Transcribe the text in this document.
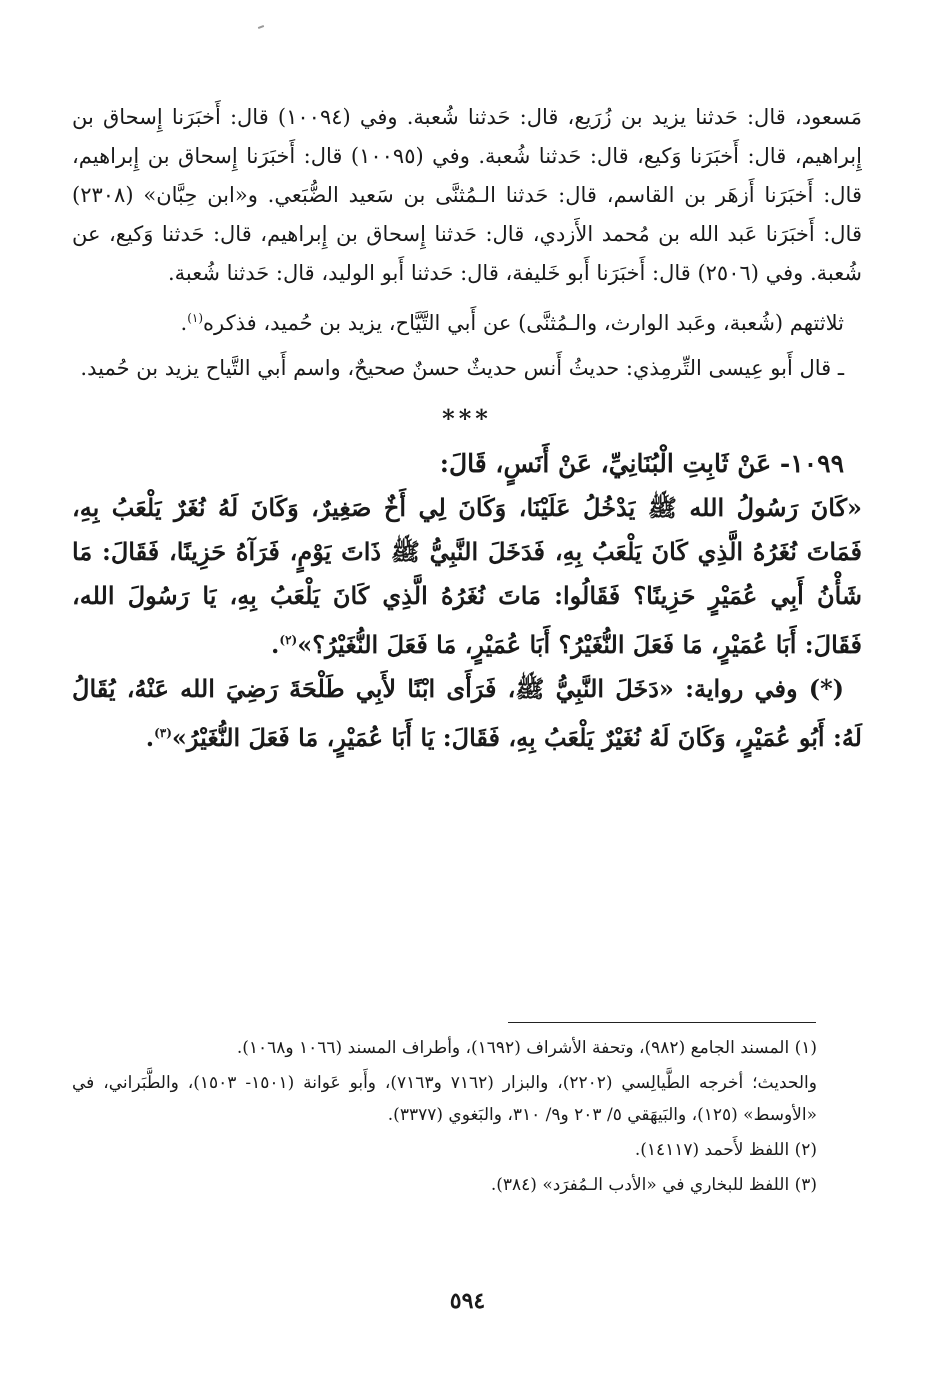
مَسعود، قال: حَدثنا يزيد بن زُرَيع، قال: حَدثنا شُعبة. وفي (١٠٠٩٤) قال: أَخبَرَنا إِسحاق بن إِبراهيم، قال: أَخبَرَنا وَكيع، قال: حَدثنا شُعبة. وفي (١٠٠٩٥) قال: أَخبَرَنا إِسحاق بن إِبراهيم، قال: أَخبَرَنا أَزهَر بن القاسم، قال: حَدثنا الـمُثنَّى بن سَعيد الضُّبَعي. و«ابن حِبَّان» (٢٣٠٨) قال: أَخبَرَنا عَبد الله بن مُحمد الأَزدي، قال: حَدثنا إِسحاق بن إِبراهيم، قال: حَدثنا وَكيع، عن شُعبة. وفي (٢٥٠٦) قال: أَخبَرَنا أَبو خَليفة، قال: حَدثنا أَبو الوليد، قال: حَدثنا شُعبة.

ثلاثتهم (شُعبة، وعَبد الوارث، والـمُثنَّى) عن أَبي التَّيَّاح، يزيد بن حُميد، فذكره$^{(١)}$.

ـ قال أَبو عِيسى التِّرمِذي: حديثُ أَنس حديثٌ حسنٌ صحيحٌ، واسم أَبي التَّياح يزيد بن حُميد.

***

١٠٩٩- عَنْ ثَابِتِ الْبُنَانِيِّ، عَنْ أَنَسٍ، قَالَ:

«كَانَ رَسُولُ الله ﷺ يَدْخُلُ عَلَيْنَا، وَكَانَ لِي أَخٌ صَغِيرٌ، وَكَانَ لَهُ نُغَرٌ يَلْعَبُ بِهِ، فَمَاتَ نُغَرُهُ الَّذِي كَانَ يَلْعَبُ بِهِ، فَدَخَلَ النَّبِيُّ ﷺ ذَاتَ يَوْمٍ، فَرَآهُ حَزِينًا، فَقَالَ: مَا شَأْنُ أَبِي عُمَيْرٍ حَزِينًا؟ فَقَالُوا: مَاتَ نُغَرُهُ الَّذِي كَانَ يَلْعَبُ بِهِ، يَا رَسُولَ الله، فَقَالَ: أَبَا عُمَيْرٍ، مَا فَعَلَ النُّغَيْرُ؟ أَبَا عُمَيْرٍ، مَا فَعَلَ النُّغَيْرُ؟»$^{(٢)}$.

(*) وفي رواية: «دَخَلَ النَّبِيُّ ﷺ، فَرَأَى ابْنًا لأَبِي طَلْحَةَ رَضِيَ الله عَنْهُ، يُقَالُ لَهُ: أَبُو عُمَيْرٍ، وَكَانَ لَهُ نُغَيْرٌ يَلْعَبُ بِهِ، فَقَالَ: يَا أَبَا عُمَيْرٍ، مَا فَعَلَ النُّغَيْرُ»$^{(٣)}$.

(١) المسند الجامع (٩٨٢)، وتحفة الأشراف (١٦٩٢)، وأطراف المسند (١٠٦٦ و١٠٦٨).

والحديث؛ أخرجه الطَّيالِسي (٢٢٠٢)، والبزار (٧١٦٢ و٧١٦٣)، وأَبو عَوانة (١٥٠١- ١٥٠٣)، والطَّبَراني، في «الأوسط» (١٢٥)، والبَيهَقي ٥/ ٢٠٣ و٩/ ٣١٠، والبَغوي (٣٣٧٧).

(٢) اللفظ لأَحمد (١٤١١٧).

(٣) اللفظ للبخاري في «الأدب الـمُفرَد» (٣٨٤).

٥٩٤
